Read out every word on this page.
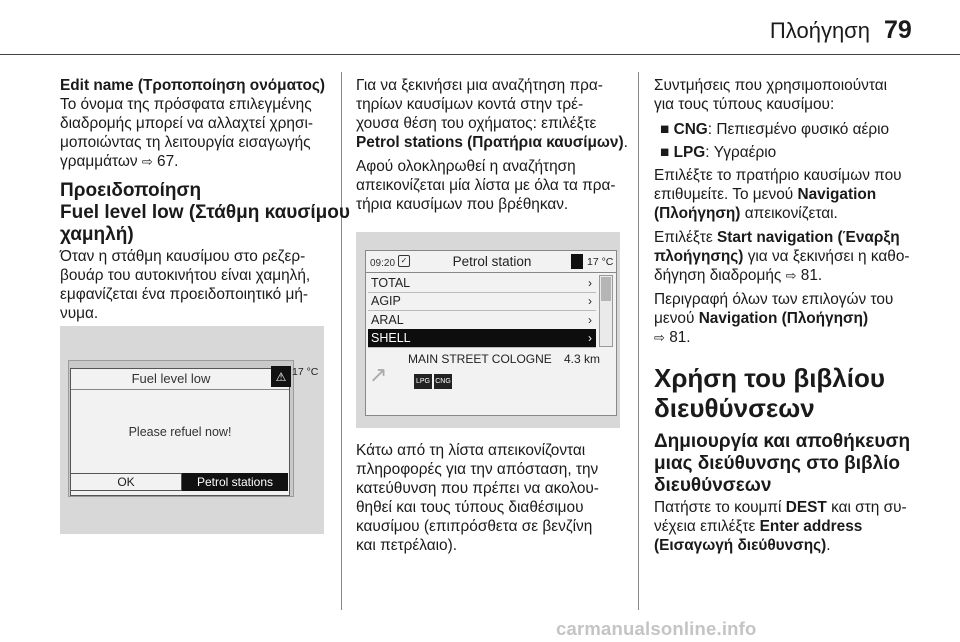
Πλοήγηση 79
Edit name (Τροποποίηση ονόματος)
Το όνομα της πρόσφατα επιλεγμένης
διαδρομής μπορεί να αλλαχτεί χρησι-
μοποιώντας τη λειτουργία εισαγωγής
γραμμάτων ⇨ 67.
Προειδοποίηση
Fuel level low (Στάθμη καυσίμου
χαμηλή)
Όταν η στάθμη καυσίμου στο ρεζερ-
βουάρ του αυτοκινήτου είναι χαμηλή,
εμφανίζεται ένα προειδοποιητικό μή-
νυμα.
Fuel level low
Please refuel now!
⚠ 17 °C
OK	Petrol stations
Για να ξεκινήσει μια αναζήτηση πρα-
τηρίων καυσίμων κοντά στην τρέ-
χουσα θέση του οχήματος: επιλέξτε
Petrol stations (Πρατήρια καυσίμων).
Αφού ολοκληρωθεί η αναζήτηση
απεικονίζεται μία λίστα με όλα τα πρα-
τήρια καυσίμων που βρέθηκαν.
09:20 ✓	Petrol station	17 °C
TOTAL	›
AGIP	›
ARAL	›
SHELL	›
↗
MAIN STREET COLOGNE 4.3 km
LPG CNG
Κάτω από τη λίστα απεικονίζονται
πληροφορές για την απόσταση, την
κατεύθυνση που πρέπει να ακολου-
θηθεί και τους τύπους διαθέσιμου
καυσίμου (επιπρόσθετα σε βενζίνη
και πετρέλαιο).
Συντμήσεις που χρησιμοποιούνται
για τους τύπους καυσίμου:
■ CNG: Πεπιεσμένο φυσικό αέριο
■ LPG: Υγραέριο
Επιλέξτε το πρατήριο καυσίμων που
επιθυμείτε. Το μενού Navigation
(Πλοήγηση) απεικονίζεται.
Επιλέξτε Start navigation (Έναρξη
πλοήγησης) για να ξεκινήσει η καθο-
δήγηση διαδρομής ⇨ 81.
Περιγραφή όλων των επιλογών του
μενού Navigation (Πλοήγηση)
⇨ 81.
Χρήση του βιβλίου
διευθύνσεων
Δημιουργία και αποθήκευση
μιας διεύθυνσης στο βιβλίο
διευθύνσεων
Πατήστε το κουμπί DEST και στη συ-
νέχεια επιλέξτε Enter address
(Εισαγωγή διεύθυνσης).
carmanualsonline.info
